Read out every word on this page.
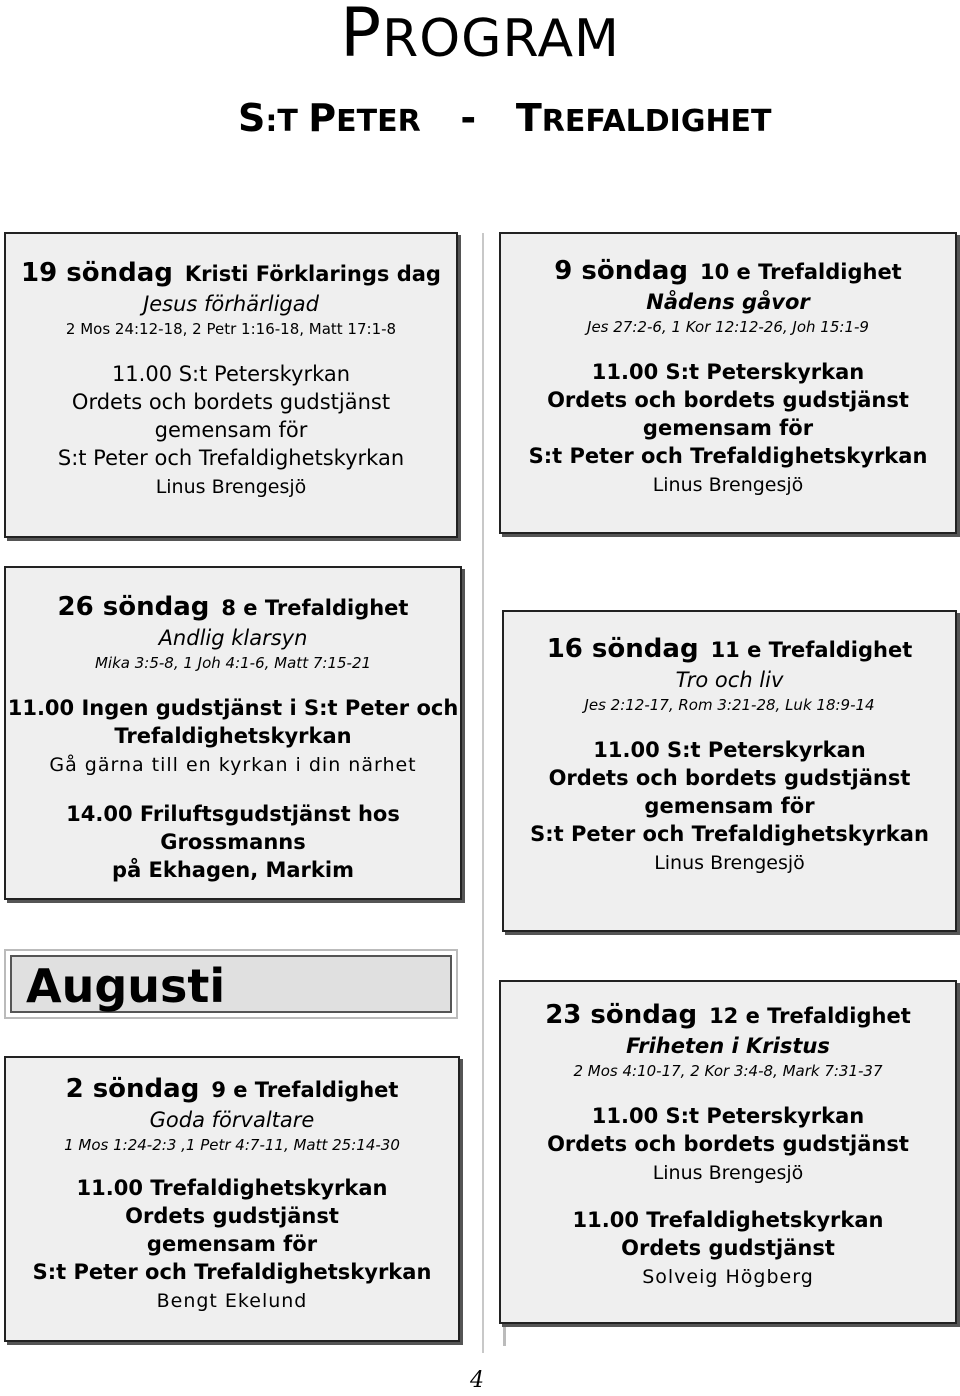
PROGRAM
S:T PETER   -   TREFALDIGHET
19 söndag Kristi Förklarings dag
Jesus förhärligad
2 Mos 24:12-18, 2 Petr 1:16-18, Matt 17:1-8
11.00 S:t Peterskyrkan
Ordets och bordets gudstjänst
gemensam för
S:t Peter och Trefaldighetskyrkan
Linus Brengesjö
9 söndag 10 e Trefaldighet
Nådens gåvor
Jes 27:2-6, 1 Kor 12:12-26, Joh 15:1-9
11.00 S:t Peterskyrkan
Ordets och bordets gudstjänst
gemensam för
S:t Peter och Trefaldighetskyrkan
Linus Brengesjö
26 söndag 8 e Trefaldighet
Andlig klarsyn
Mika 3:5-8, 1 Joh 4:1-6, Matt 7:15-21
11.00 Ingen gudstjänst i S:t Peter och
Trefaldighetskyrkan
Gå gärna till en kyrkan i din närhet
14.00 Friluftsgudstjänst hos Grossmanns
på Ekhagen, Markim
16 söndag 11 e Trefaldighet
Tro och liv
Jes 2:12-17, Rom 3:21-28, Luk 18:9-14
11.00 S:t Peterskyrkan
Ordets och bordets gudstjänst
gemensam för
S:t Peter och Trefaldighetskyrkan
Linus Brengesjö
Augusti
2 söndag 9 e Trefaldighet
Goda förvaltare
1 Mos 1:24-2:3 ,1 Petr 4:7-11, Matt 25:14-30
11.00 Trefaldighetskyrkan
Ordets gudstjänst
gemensam för
S:t Peter och Trefaldighetskyrkan
Bengt Ekelund
23 söndag 12 e Trefaldighet
Friheten i Kristus
2 Mos 4:10-17, 2 Kor 3:4-8, Mark 7:31-37
11.00 S:t Peterskyrkan
Ordets och bordets gudstjänst
Linus Brengesjö
11.00 Trefaldighetskyrkan
Ordets gudstjänst
Solveig Högberg
4
